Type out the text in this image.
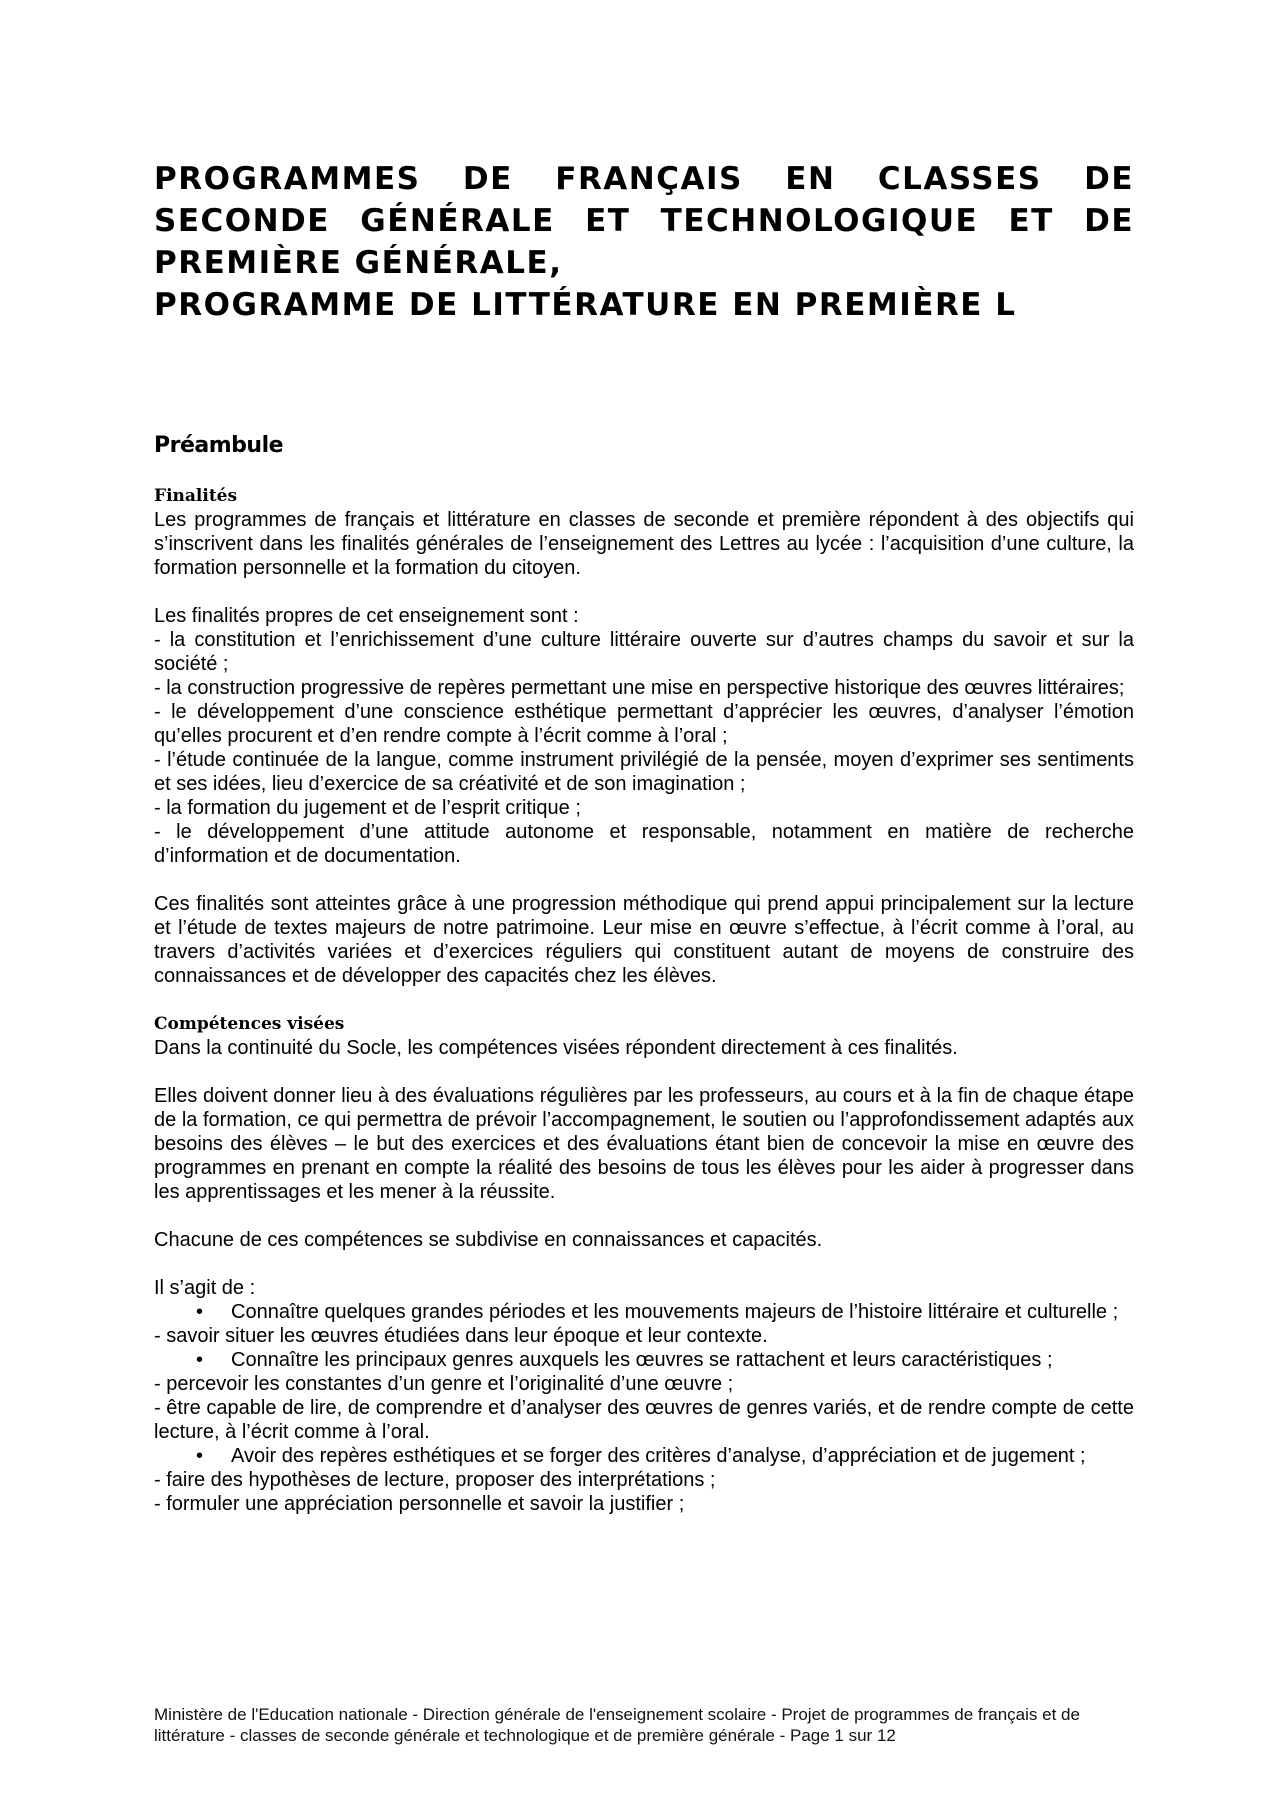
PROGRAMMES DE FRANÇAIS EN CLASSES DE SECONDE GÉNÉRALE ET TECHNOLOGIQUE ET DE PREMIÈRE GÉNÉRALE,
PROGRAMME DE LITTÉRATURE EN PREMIÈRE L
Préambule
Finalités

Les programmes de français et littérature en classes de seconde et première répondent à des objectifs qui s’inscrivent dans les finalités générales de l’enseignement des Lettres au lycée : l’acquisition d’une culture, la formation personnelle et la formation du citoyen.

Les finalités propres de cet enseignement sont :

- la constitution et l’enrichissement d’une culture littéraire ouverte sur d’autres champs du savoir et sur la société ;

- la construction progressive de repères permettant une mise en perspective historique des œuvres littéraires;

- le développement d’une conscience esthétique permettant d’apprécier les œuvres, d’analyser l’émotion qu’elles procurent et d’en rendre compte à l’écrit comme à l’oral ;

- l’étude continuée de la langue, comme instrument privilégié de la pensée, moyen d’exprimer ses sentiments et ses idées, lieu d’exercice de sa créativité et de son imagination ;

- la formation du jugement et de l’esprit critique ;

- le développement d’une attitude autonome et responsable, notamment en matière de recherche d’information et de documentation.

Ces finalités sont atteintes grâce à une progression méthodique qui prend appui principalement sur la lecture et l’étude de textes majeurs de notre patrimoine. Leur mise en œuvre s’effectue, à l’écrit comme à l’oral, au travers d’activités variées et d’exercices réguliers qui constituent autant de moyens de construire des connaissances et de développer des capacités chez les élèves.

Compétences visées

Dans la continuité du Socle, les compétences visées répondent directement à ces finalités.

Elles doivent donner lieu à des évaluations régulières par les professeurs, au cours et à la fin de chaque étape de la formation, ce qui permettra de prévoir l’accompagnement, le soutien ou l’approfondissement adaptés aux besoins des élèves – le but des exercices et des évaluations étant bien de concevoir la mise en œuvre des programmes en prenant en compte la réalité des besoins de tous les élèves pour les aider à progresser dans les apprentissages et les mener à la réussite.

Chacune de ces compétences se subdivise en connaissances et capacités.

Il s’agit de :

• Connaître quelques grandes périodes et les mouvements majeurs de l’histoire littéraire et culturelle ;

- savoir situer les œuvres étudiées dans leur époque et leur contexte.

• Connaître les principaux genres auxquels les œuvres se rattachent et leurs caractéristiques ;

- percevoir les constantes d’un genre et l’originalité d’une œuvre ;

- être capable de lire, de comprendre et d’analyser des œuvres de genres variés, et de rendre compte de cette lecture, à l’écrit comme à l’oral.

• Avoir des repères esthétiques et se forger des critères d’analyse, d’appréciation et de jugement ;

- faire des hypothèses de lecture, proposer des interprétations ;

- formuler une appréciation personnelle et savoir la justifier ;

Ministère de l'Education nationale - Direction générale de l'enseignement scolaire - Projet de programmes de français et de
littérature - classes de seconde générale et technologique et de première générale - Page 1 sur 12
